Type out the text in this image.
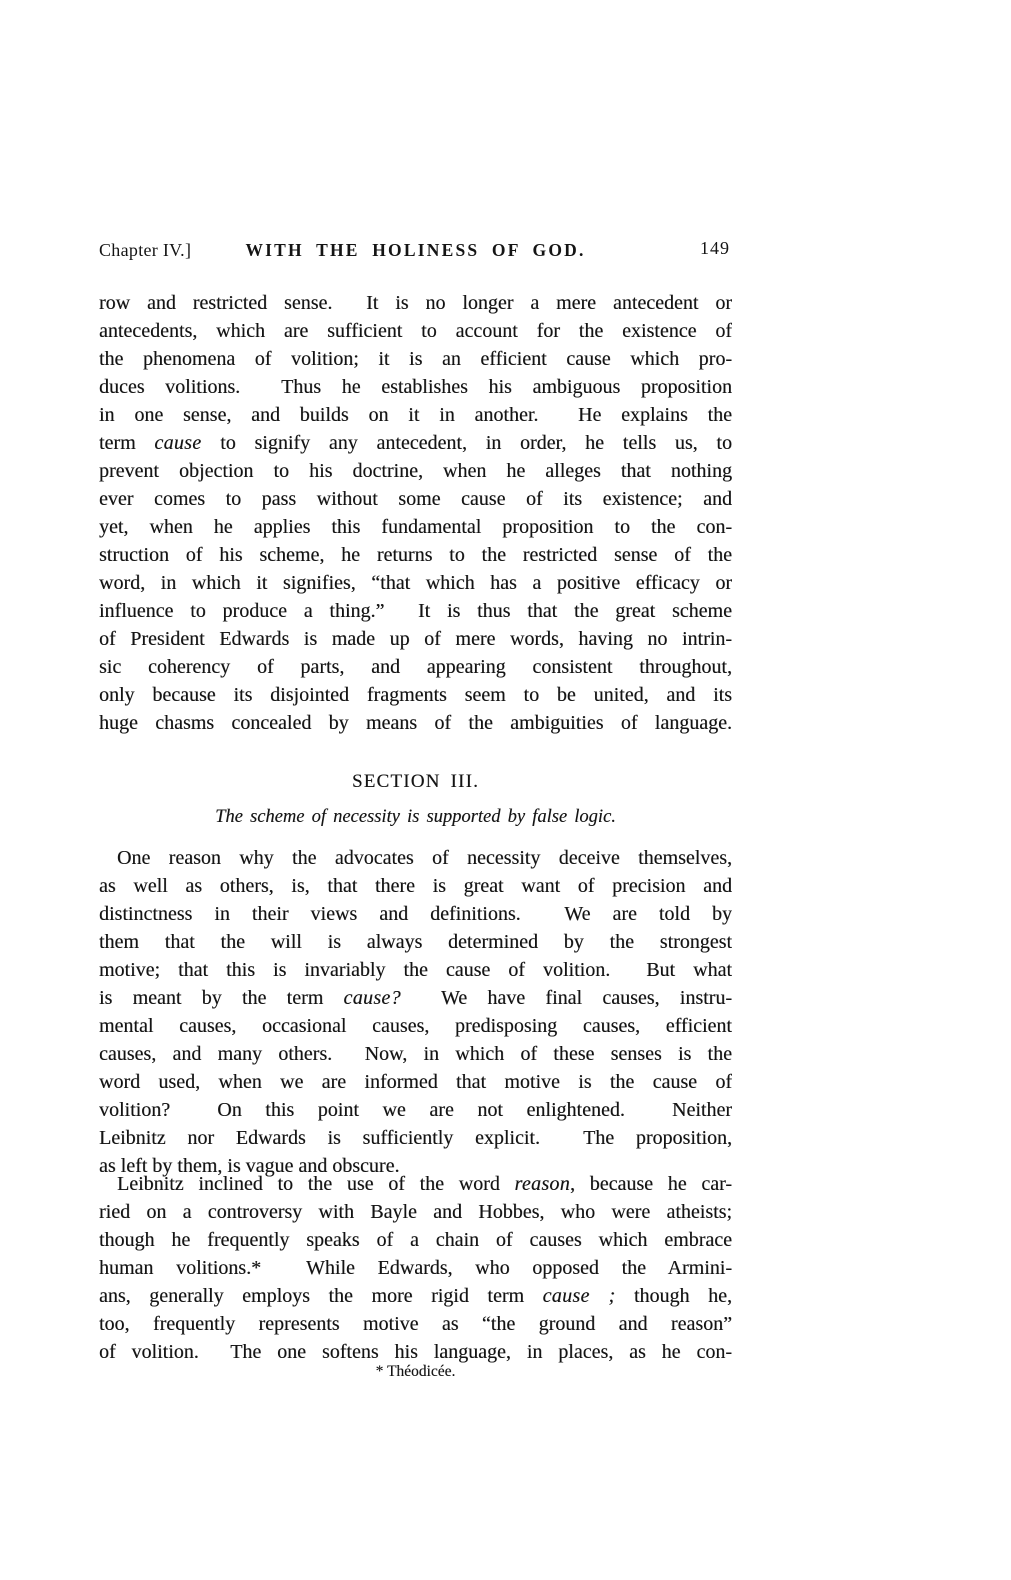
Chapter IV.]	WITH THE HOLINESS OF GOD.	149
row and restricted sense.  It is no longer a mere antecedent or
antecedents, which are sufficient to account for the existence of
the phenomena of volition; it is an efficient cause which pro-
duces volitions.  Thus he establishes his ambiguous proposition
in one sense, and builds on it in another.  He explains the
term cause to signify any antecedent, in order, he tells us, to
prevent objection to his doctrine, when he alleges that nothing
ever comes to pass without some cause of its existence; and
yet, when he applies this fundamental proposition to the con-
struction of his scheme, he returns to the restricted sense of the
word, in which it signifies, “that which has a positive efficacy or
influence to produce a thing.”  It is thus that the great scheme
of President Edwards is made up of mere words, having no intrin-
sic coherency of parts, and appearing consistent throughout,
only because its disjointed fragments seem to be united, and its
huge chasms concealed by means of the ambiguities of language.
SECTION III.
The scheme of necessity is supported by false logic.
One reason why the advocates of necessity deceive themselves,
as well as others, is, that there is great want of precision and
distinctness in their views and definitions.  We are told by
them that the will is always determined by the strongest
motive; that this is invariably the cause of volition.  But what
is meant by the term cause?  We have final causes, instru-
mental causes, occasional causes, predisposing causes, efficient
causes, and many others.  Now, in which of these senses is the
word used, when we are informed that motive is the cause of
volition?  On this point we are not enlightened.  Neither
Leibnitz nor Edwards is sufficiently explicit.  The proposition,
as left by them, is vague and obscure.
Leibnitz inclined to the use of the word reason, because he car-
ried on a controversy with Bayle and Hobbes, who were atheists;
though he frequently speaks of a chain of causes which embrace
human volitions.*  While Edwards, who opposed the Armini-
ans, generally employs the more rigid term cause ; though he,
too, frequently represents motive as “the ground and reason”
of volition.  The one softens his language, in places, as he con-
* Théodicée.
